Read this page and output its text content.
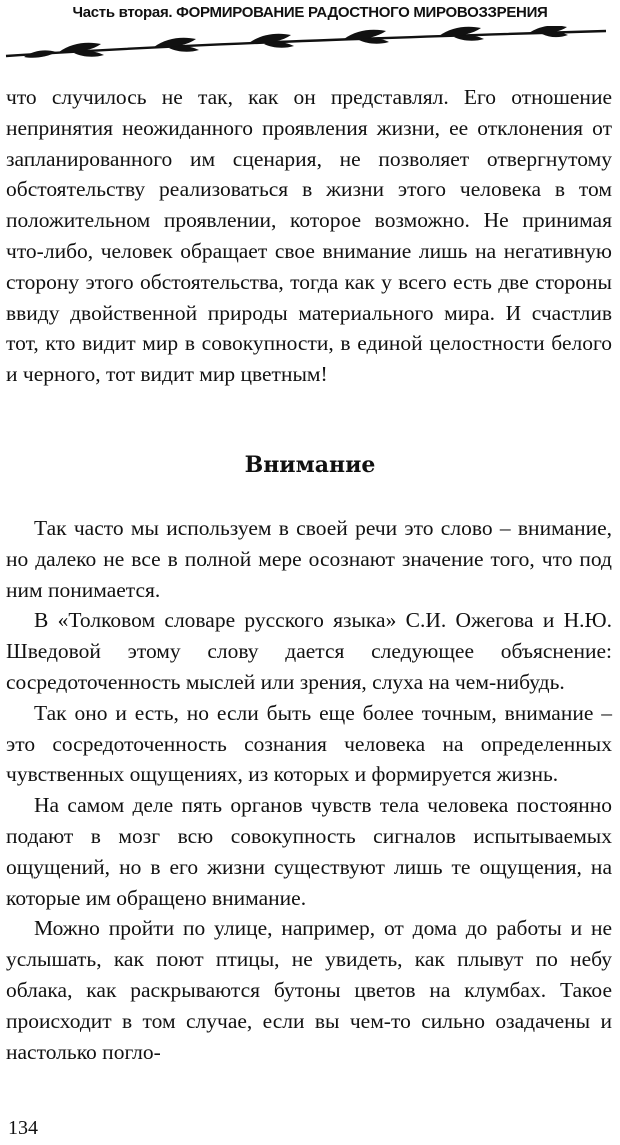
Часть вторая. ФОРМИРОВАНИЕ РАДОСТНОГО МИРОВОЗЗРЕНИЯ

что случилось не так, как он представлял. Его отношение непринятия неожиданного проявления жизни, ее отклонения от запланированного им сценария, не позволяет отвергнутому обстоятельству реализоваться в жизни этого человека в том положительном проявлении, которое возможно. Не принимая что-либо, человек обращает свое внимание лишь на негативную сторону этого обстоятельства, тогда как у всего есть две стороны ввиду двойственной природы материального мира. И счастлив тот, кто видит мир в совокупности, в единой целостности белого и черного, тот видит мир цветным!

Внимание

Так часто мы используем в своей речи это слово – внимание, но далеко не все в полной мере осознают значение того, что под ним понимается.

В «Толковом словаре русского языка» С.И. Ожегова и Н.Ю. Шведовой этому слову дается следующее объяснение: сосредоточенность мыслей или зрения, слуха на чем-нибудь.

Так оно и есть, но если быть еще более точным, внимание – это сосредоточенность сознания человека на определенных чувственных ощущениях, из которых и формируется жизнь.

На самом деле пять органов чувств тела человека постоянно подают в мозг всю совокупность сигналов испытываемых ощущений, но в его жизни существуют лишь те ощущения, на которые им обращено внимание.

Можно пройти по улице, например, от дома до работы и не услышать, как поют птицы, не увидеть, как плывут по небу облака, как раскрываются бутоны цветов на клумбах. Такое происходит в том случае, если вы чем-то сильно озадачены и настолько погло-

134
